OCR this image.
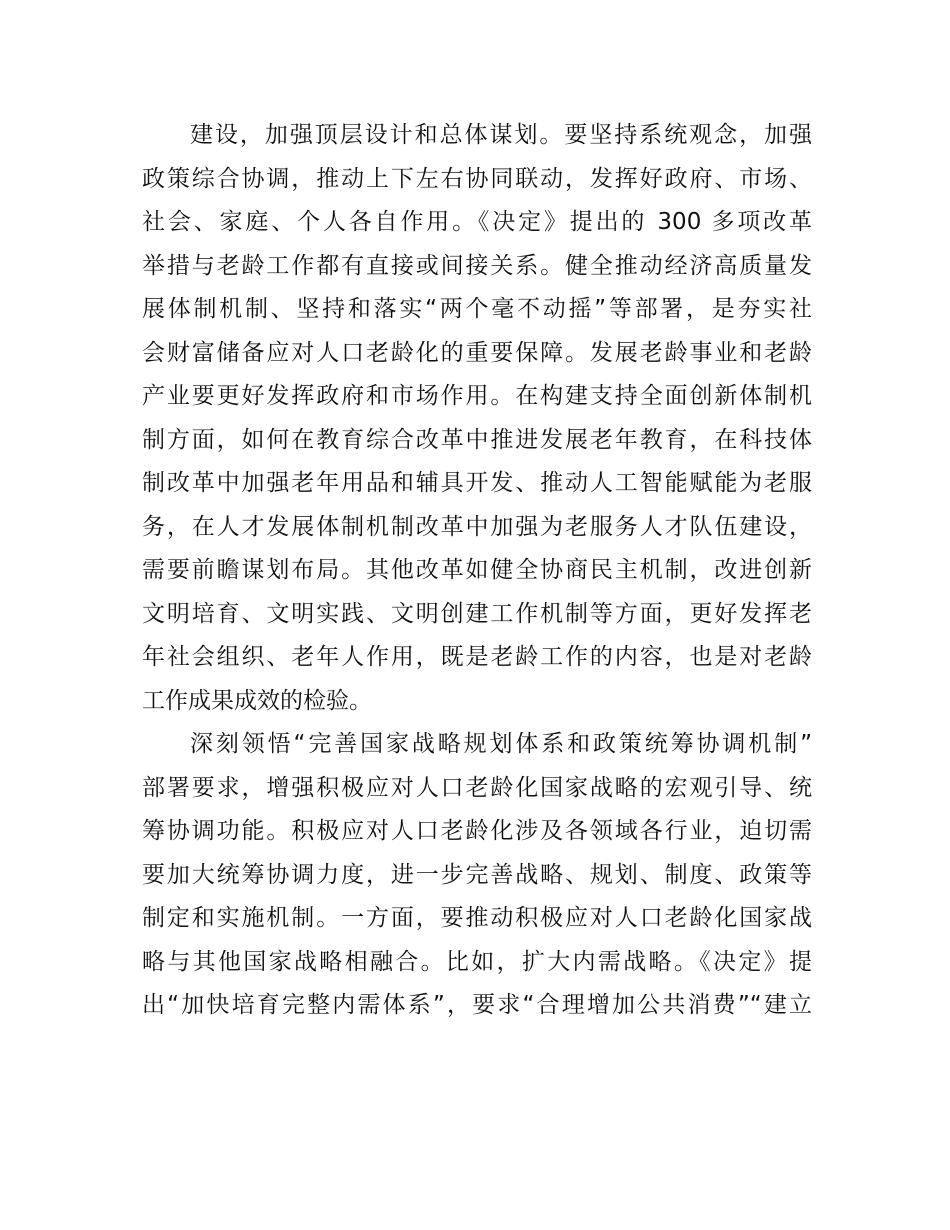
建设，加强顶层设计和总体谋划。要坚持系统观念，加强
政策综合协调，推动上下左右协同联动，发挥好政府、市场、
社会、家庭、个人各自作用。《决定》提出的 300 多项改革
举措与老龄工作都有直接或间接关系。健全推动经济高质量发
展体制机制、坚持和落实“两个毫不动摇”等部署，是夯实社
会财富储备应对人口老龄化的重要保障。发展老龄事业和老龄
产业要更好发挥政府和市场作用。在构建支持全面创新体制机
制方面，如何在教育综合改革中推进发展老年教育，在科技体
制改革中加强老年用品和辅具开发、推动人工智能赋能为老服
务，在人才发展体制机制改革中加强为老服务人才队伍建设，
需要前瞻谋划布局。其他改革如健全协商民主机制，改进创新
文明培育、文明实践、文明创建工作机制等方面，更好发挥老
年社会组织、老年人作用，既是老龄工作的内容，也是对老龄
工作成果成效的检验。
深刻领悟“完善国家战略规划体系和政策统筹协调机制”
部署要求，增强积极应对人口老龄化国家战略的宏观引导、统
筹协调功能。积极应对人口老龄化涉及各领域各行业，迫切需
要加大统筹协调力度，进一步完善战略、规划、制度、政策等
制定和实施机制。一方面，要推动积极应对人口老龄化国家战
略与其他国家战略相融合。比如，扩大内需战略。《决定》提
出“加快培育完整内需体系”，要求“合理增加公共消费”“建立
